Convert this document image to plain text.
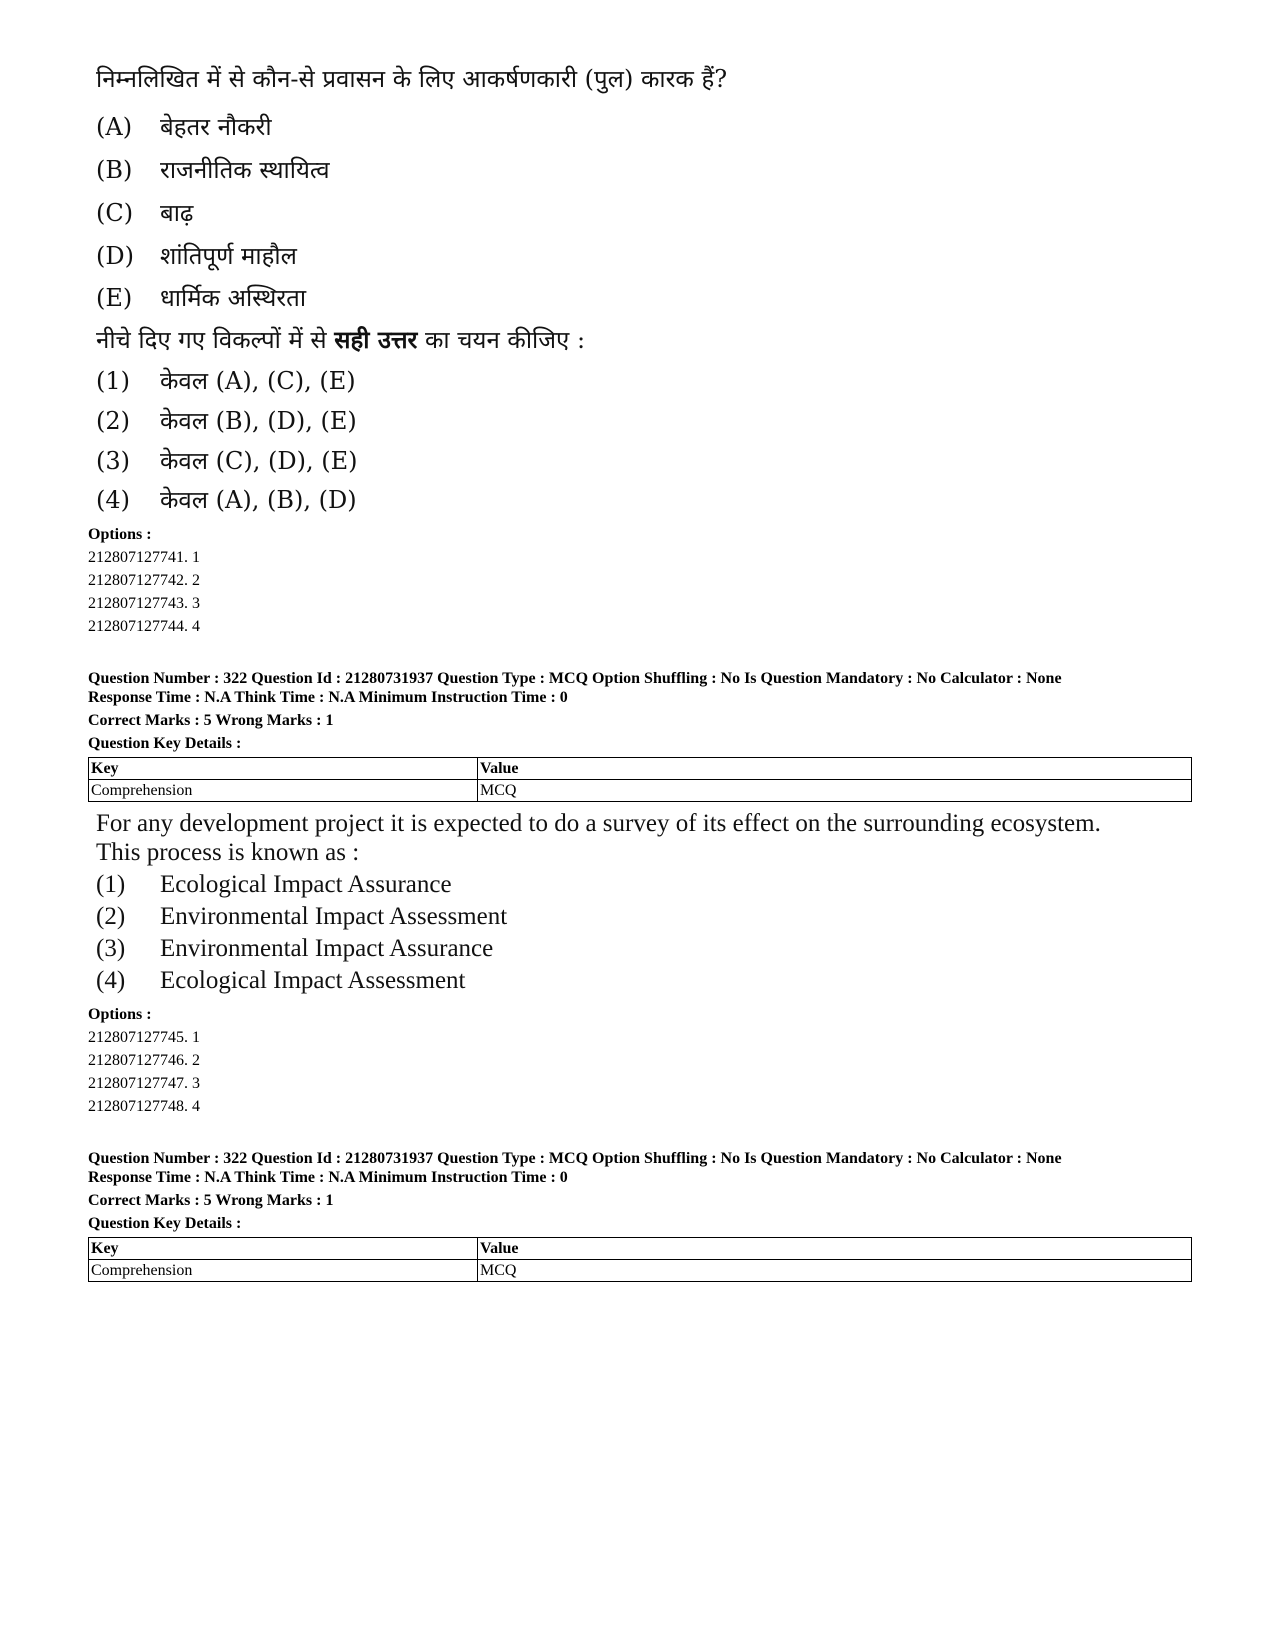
निम्नलिखित में से कौन-से प्रवासन के लिए आकर्षणकारी (पुल) कारक हैं?
(A)	बेहतर नौकरी
(B)	राजनीतिक स्थायित्व
(C)	बाढ़
(D)	शांतिपूर्ण माहौल
(E)	धार्मिक अस्थिरता
नीचे दिए गए विकल्पों में से सही उत्तर का चयन कीजिए :
(1)	केवल (A), (C), (E)
(2)	केवल (B), (D), (E)
(3)	केवल (C), (D), (E)
(4)	केवल (A), (B), (D)
Options :
212807127741. 1
212807127742. 2
212807127743. 3
212807127744. 4
Question Number : 322 Question Id : 21280731937 Question Type : MCQ Option Shuffling : No Is Question Mandatory : No Calculator : None
Response Time : N.A Think Time : N.A Minimum Instruction Time : 0
Correct Marks : 5 Wrong Marks : 1
Question Key Details :
Key	Value
Comprehension	MCQ
For any development project it is expected to do a survey of its effect on the surrounding ecosystem.
This process is known as :
(1)	Ecological Impact Assurance
(2)	Environmental Impact Assessment
(3)	Environmental Impact Assurance
(4)	Ecological Impact Assessment
Options :
212807127745. 1
212807127746. 2
212807127747. 3
212807127748. 4
Question Number : 322 Question Id : 21280731937 Question Type : MCQ Option Shuffling : No Is Question Mandatory : No Calculator : None
Response Time : N.A Think Time : N.A Minimum Instruction Time : 0
Correct Marks : 5 Wrong Marks : 1
Question Key Details :
Key	Value
Comprehension	MCQ
